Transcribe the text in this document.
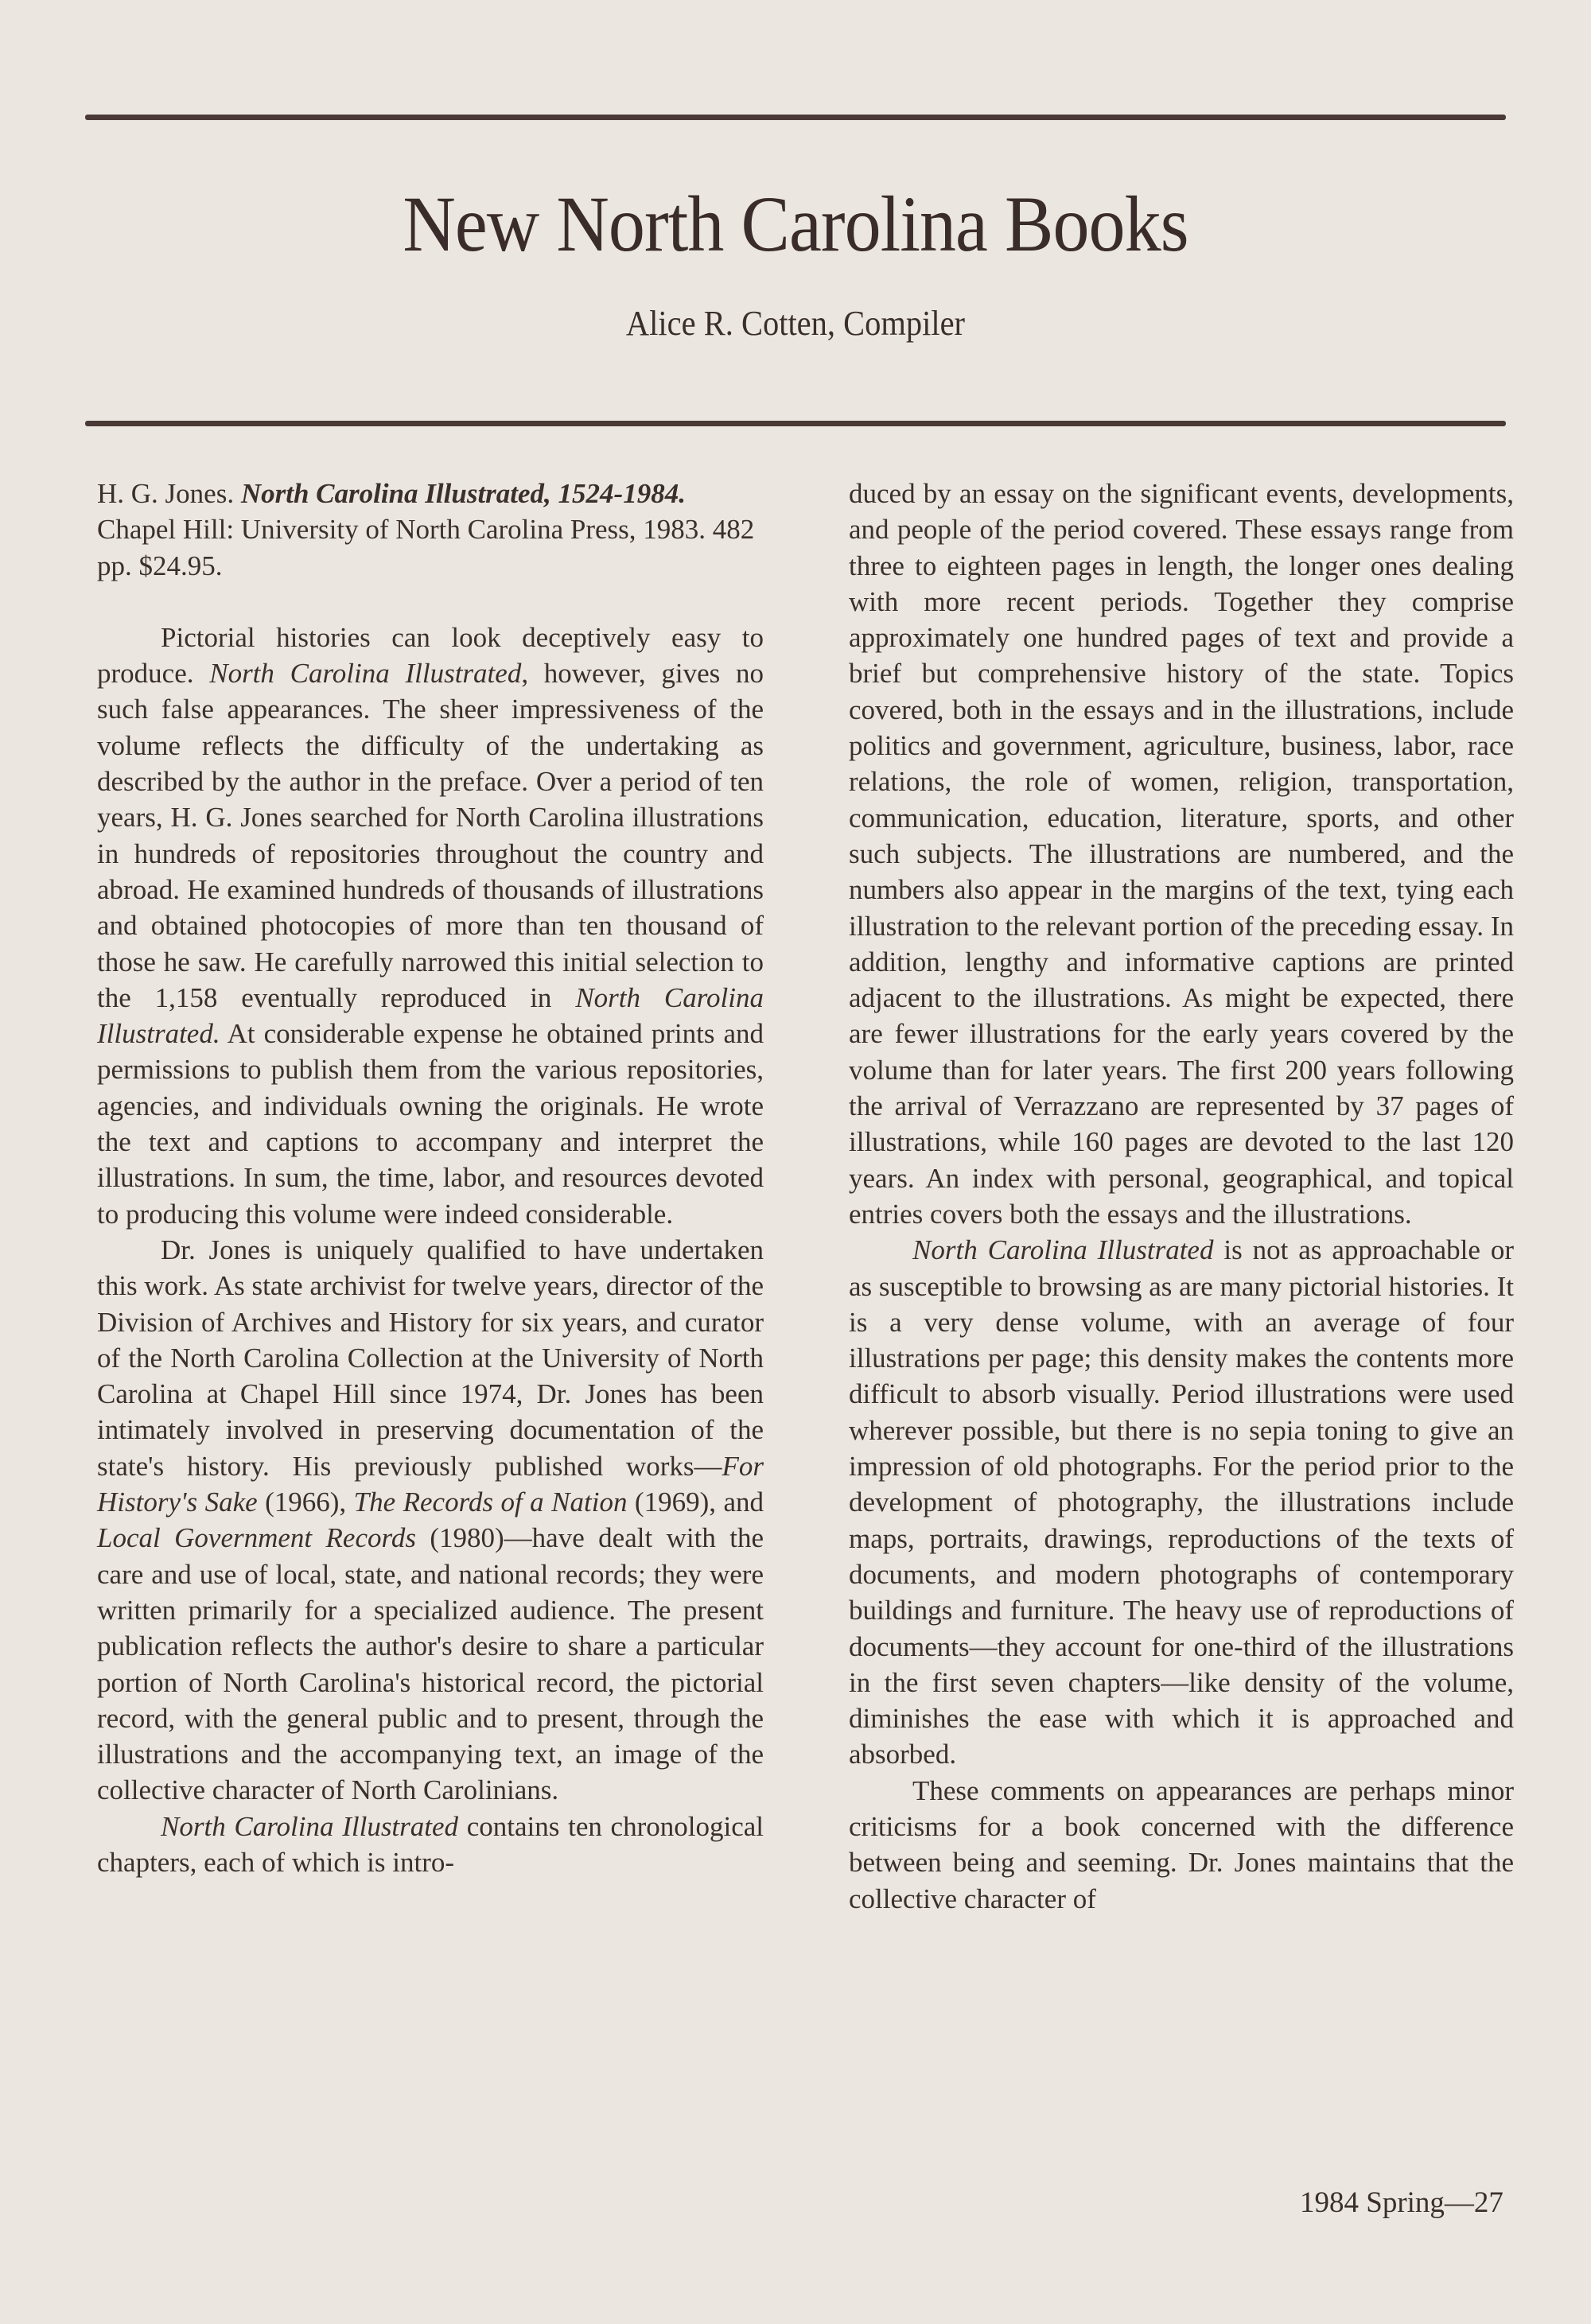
New North Carolina Books
Alice R. Cotten, Compiler

H. G. Jones. North Carolina Illustrated, 1524-1984. Chapel Hill: University of North Carolina Press, 1983. 482 pp. $24.95.

Pictorial histories can look deceptively easy to produce. North Carolina Illustrated, however, gives no such false appearances. The sheer impressiveness of the volume reflects the difficulty of the undertaking as described by the author in the preface. Over a period of ten years, H. G. Jones searched for North Carolina illustrations in hundreds of repositories throughout the country and abroad. He examined hundreds of thousands of illustrations and obtained photocopies of more than ten thousand of those he saw. He carefully narrowed this initial selection to the 1,158 eventually reproduced in North Carolina Illustrated. At considerable expense he obtained prints and permissions to publish them from the various repositories, agencies, and individuals owning the originals. He wrote the text and captions to accompany and interpret the illustrations. In sum, the time, labor, and resources devoted to producing this volume were indeed considerable.

Dr. Jones is uniquely qualified to have undertaken this work. As state archivist for twelve years, director of the Division of Archives and History for six years, and curator of the North Carolina Collection at the University of North Carolina at Chapel Hill since 1974, Dr. Jones has been intimately involved in preserving documentation of the state's history. His previously published works—For History's Sake (1966), The Records of a Nation (1969), and Local Government Records (1980)—have dealt with the care and use of local, state, and national records; they were written primarily for a specialized audience. The present publication reflects the author's desire to share a particular portion of North Carolina's historical record, the pictorial record, with the general public and to present, through the illustrations and the accompanying text, an image of the collective character of North Carolinians.

North Carolina Illustrated contains ten chronological chapters, each of which is intro-

duced by an essay on the significant events, developments, and people of the period covered. These essays range from three to eighteen pages in length, the longer ones dealing with more recent periods. Together they comprise approximately one hundred pages of text and provide a brief but comprehensive history of the state. Topics covered, both in the essays and in the illustrations, include politics and government, agriculture, business, labor, race relations, the role of women, religion, transportation, communication, education, literature, sports, and other such subjects. The illustrations are numbered, and the numbers also appear in the margins of the text, tying each illustration to the relevant portion of the preceding essay. In addition, lengthy and informative captions are printed adjacent to the illustrations. As might be expected, there are fewer illustrations for the early years covered by the volume than for later years. The first 200 years following the arrival of Verrazzano are represented by 37 pages of illustrations, while 160 pages are devoted to the last 120 years. An index with personal, geographical, and topical entries covers both the essays and the illustrations.

North Carolina Illustrated is not as approachable or as susceptible to browsing as are many pictorial histories. It is a very dense volume, with an average of four illustrations per page; this density makes the contents more difficult to absorb visually. Period illustrations were used wherever possible, but there is no sepia toning to give an impression of old photographs. For the period prior to the development of photography, the illustrations include maps, portraits, drawings, reproductions of the texts of documents, and modern photographs of contemporary buildings and furniture. The heavy use of reproductions of documents—they account for one-third of the illustrations in the first seven chapters—like density of the volume, diminishes the ease with which it is approached and absorbed.

These comments on appearances are perhaps minor criticisms for a book concerned with the difference between being and seeming. Dr. Jones maintains that the collective character of

1984 Spring—27
